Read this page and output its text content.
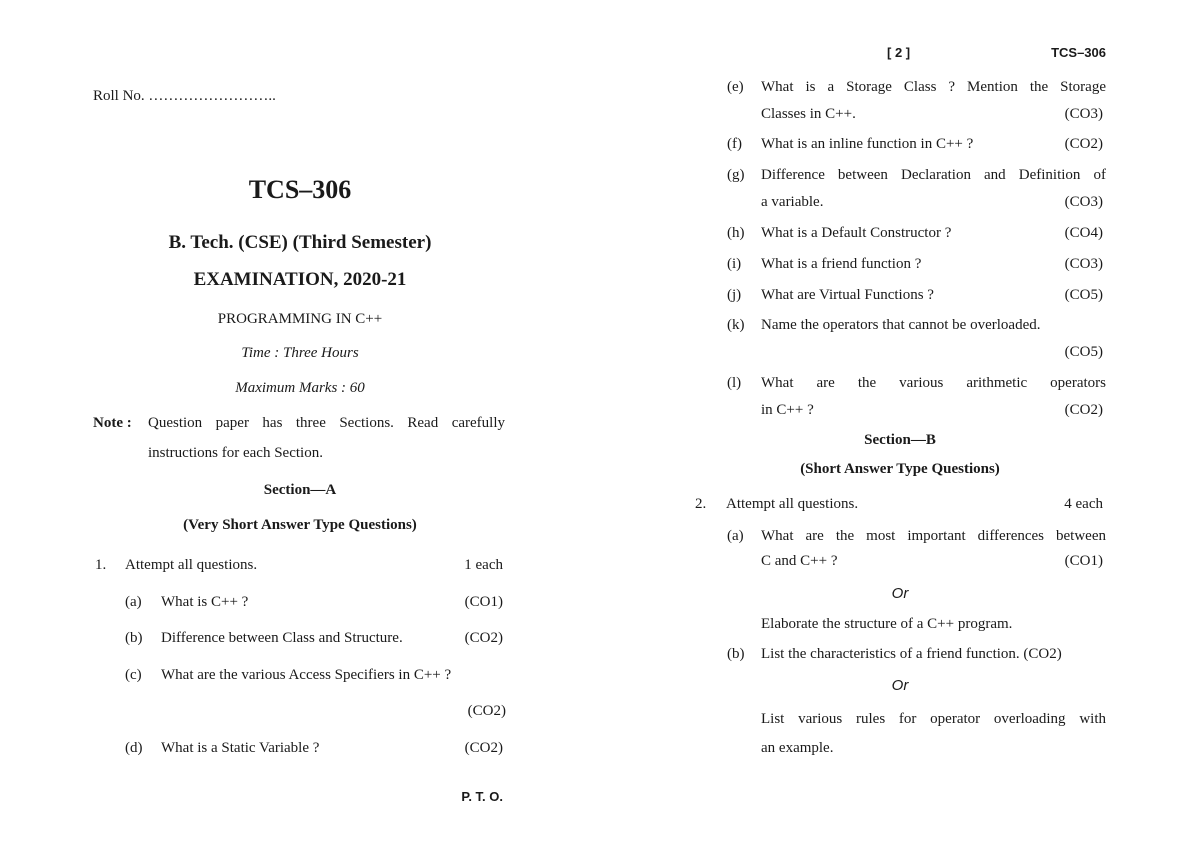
Roll No. ……………………..
TCS–306
B. Tech. (CSE) (Third Semester)
EXAMINATION, 2020-21
PROGRAMMING IN C++
Time : Three Hours
Maximum Marks : 60
Note : Question paper has three Sections. Read carefully
instructions for each Section.
Section—A
(Very Short Answer Type Questions)
1. Attempt all questions.	1 each
(a) What is C++ ?	(CO1)
(b) Difference between Class and Structure.	(CO2)
(c) What are the various Access Specifiers in C++ ?
(CO2)
(d) What is a Static Variable ?	(CO2)
P. T. O.
[ 2 ]	TCS–306
(e) What is a Storage Class ? Mention the Storage
Classes in C++.	(CO3)
(f) What is an inline function in C++ ?	(CO2)
(g) Difference between Declaration and Definition of
a variable.	(CO3)
(h) What is a Default Constructor ?	(CO4)
(i) What is a friend function ?	(CO3)
(j) What are Virtual Functions ?	(CO5)
(k) Name the operators that cannot be overloaded.
(CO5)
(l) What are the various arithmetic operators
in C++ ?	(CO2)
Section—B
(Short Answer Type Questions)
2. Attempt all questions.	4 each
(a) What are the most important differences between
C and C++ ?	(CO1)
Or
Elaborate the structure of a C++ program.
(b) List the characteristics of a friend function. (CO2)
Or
List various rules for operator overloading with
an example.
